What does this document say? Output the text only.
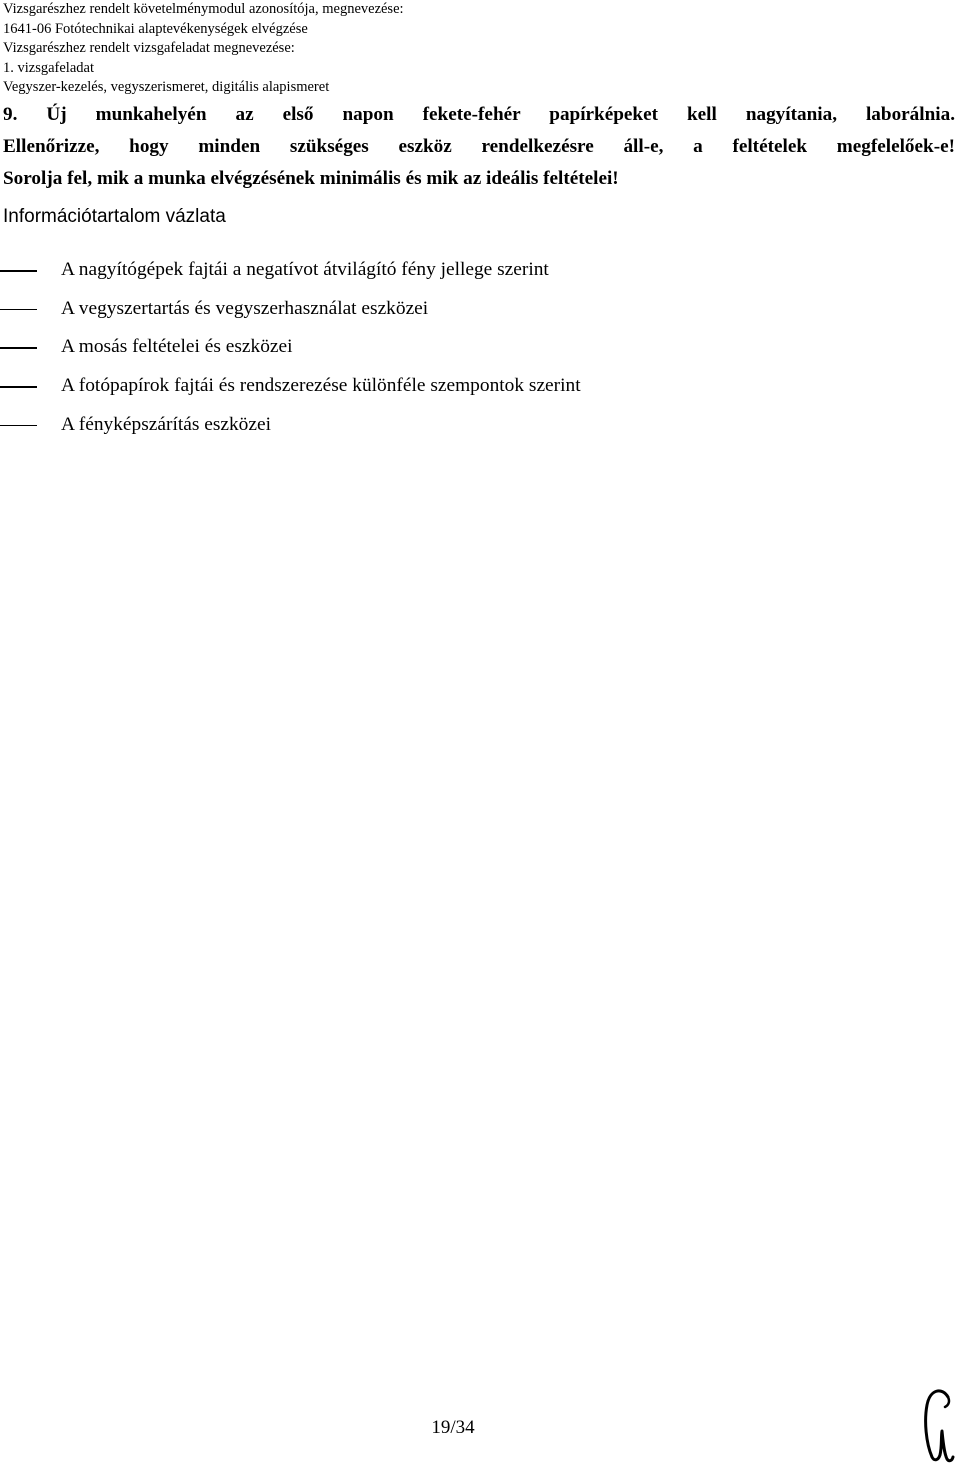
Vizsgarészhez rendelt követelménymodul azonosítója, megnevezése:
1641-06 Fotótechnikai alaptevékenységek elvégzése
Vizsgarészhez rendelt vizsgafeladat megnevezése:
1. vizsgafeladat
Vegyszer-kezelés, vegyszerismeret, digitális alapismeret
9. Új munkahelyén az első napon fekete-fehér papírképeket kell nagyítania, laborálnia.
Ellenőrizze, hogy minden szükséges eszköz rendelkezésre áll-e, a feltételek megfelelőek-e!
Sorolja fel, mik a munka elvégzésének minimális és mik az ideális feltételei!
Információtartalom vázlata
A nagyítógépek fajtái a negatívot átvilágító fény jellege szerint
A vegyszertartás és vegyszerhasználat eszközei
A mosás feltételei és eszközei
A fotópapírok fajtái és rendszerezése különféle szempontok szerint
A fényképszárítás eszközei
19/34
